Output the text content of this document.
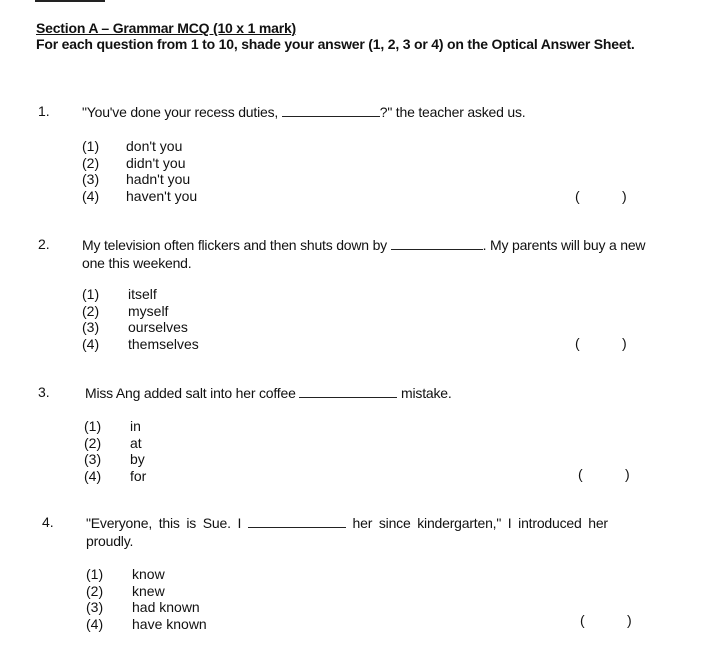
Section A – Grammar MCQ (10 x 1 mark)
For each question from 1 to 10, shade your answer (1, 2, 3 or 4) on the Optical Answer Sheet.
1. "You've done your recess duties,	?" the teacher asked us.
(1) don't you
(2) didn't you
(3) hadn't you
(4) haven't you	(	)
2. My television often flickers and then shuts down by	. My parents will buy a new one this weekend.
(1) itself
(2) myself
(3) ourselves
(4) themselves	(	)
3.	Miss Ang added salt into her coffee	mistake.
(1) in
(2) at
(3) by
(4) for	(	)
4. "Everyone, this is Sue. I	her since kindergarten," I introduced her proudly.
(1) know
(2) knew
(3) had known
(4) have known	(	)
